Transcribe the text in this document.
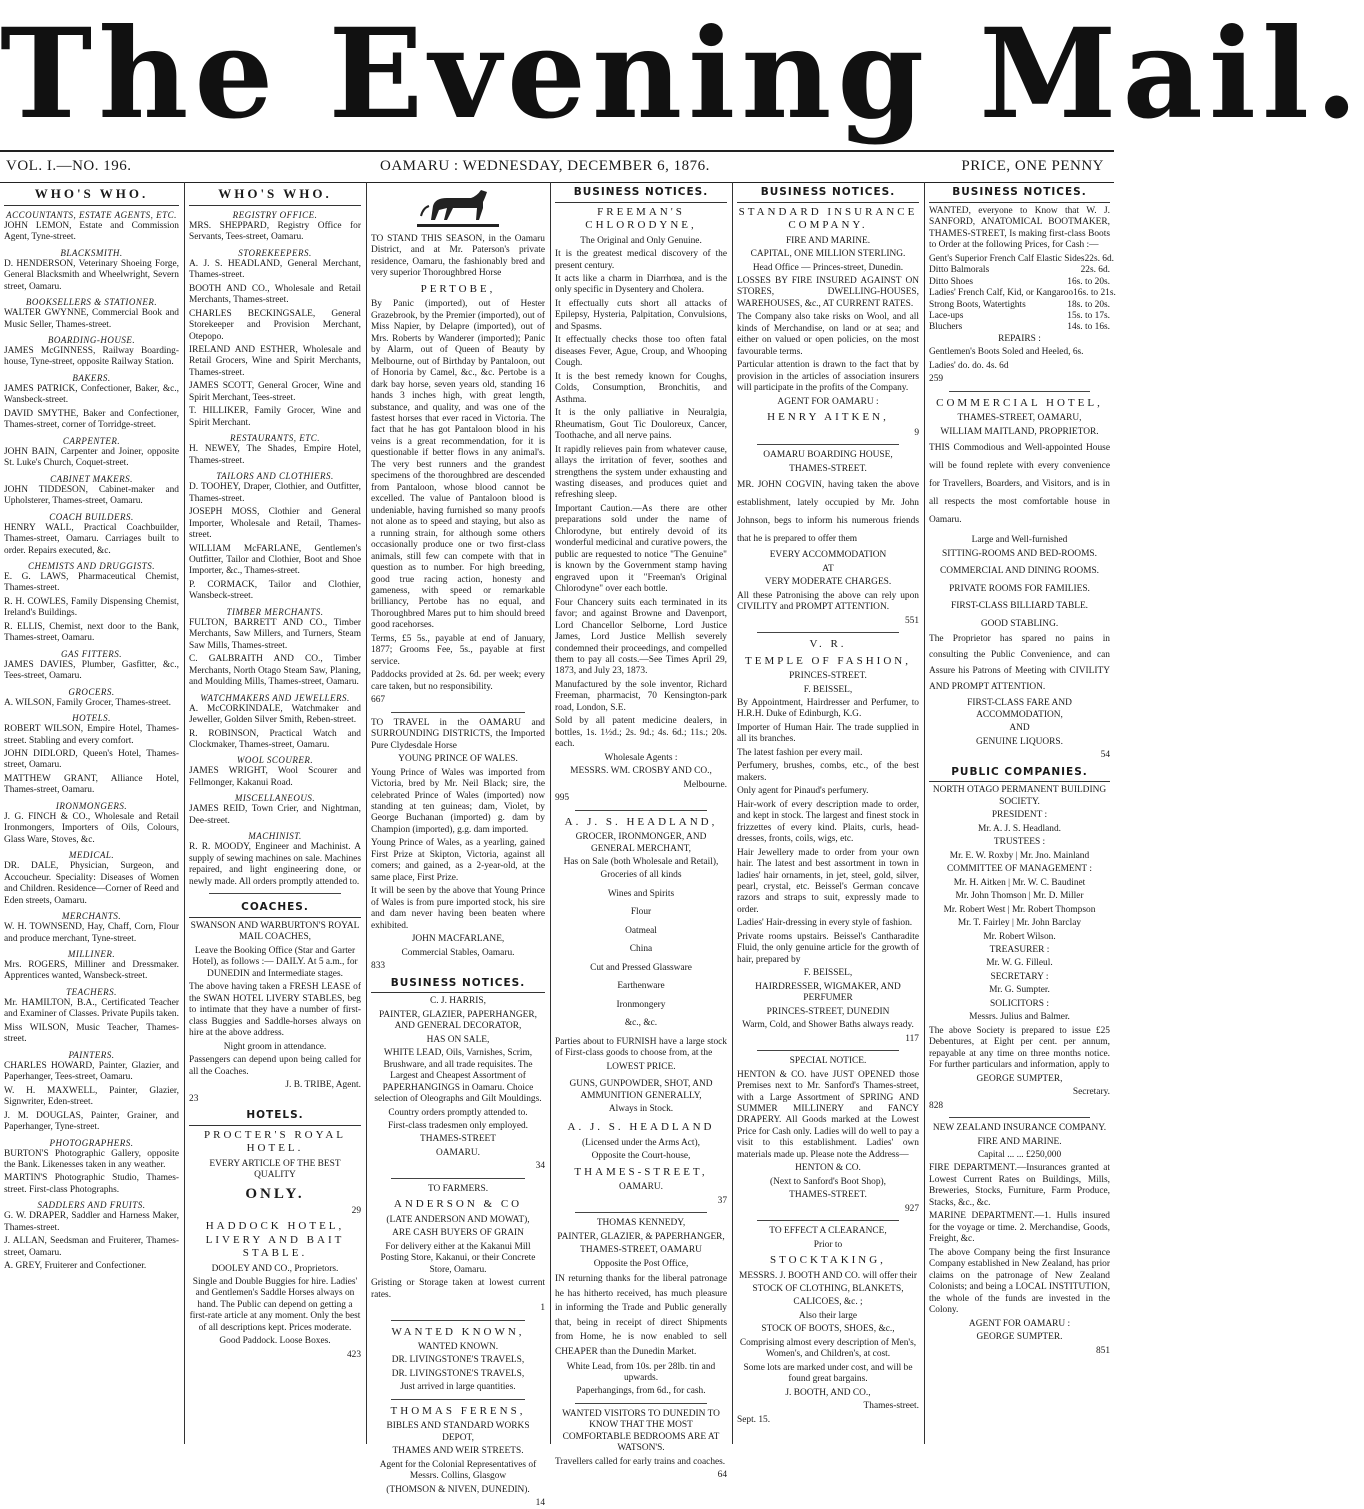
The Evening Mail.
VOL. I.—NO. 196.	OAMARU : WEDNESDAY, DECEMBER 6, 1876.	PRICE, ONE PENNY
WHO'S WHO.
ACCOUNTANTS, ESTATE AGENTS, ETC.
JOHN LEMON, Estate and Commission Agent, Tyne-street.
BLACKSMITH.
D. HENDERSON, Veterinary Shoeing Forge, General Blacksmith and Wheelwright, Severn street, Oamaru.
BOOKSELLERS & STATIONER.
WALTER GWYNNE, Commercial Book and Music Seller, Thames-street.
BOARDING-HOUSE.
JAMES McGINNESS, Railway Boarding-house, Tyne-street, opposite Railway Station.
BAKERS.
JAMES PATRICK, Confectioner, Baker, &c., Wansbeck-street.
DAVID SMYTHE, Baker and Confectioner, Thames-street, corner of Torridge-street.
CARPENTER.
JOHN BAIN, Carpenter and Joiner, opposite St. Luke's Church, Coquet-street.
CABINET MAKERS.
JOHN TIDDESON, Cabinet-maker and Upholsterer, Thames-street, Oamaru.
COACH BUILDERS.
HENRY WALL, Practical Coachbuilder, Thames-street, Oamaru. Carriages built to order. Repairs executed, &c.
CHEMISTS AND DRUGGISTS.
E. G. LAWS, Pharmaceutical Chemist, Thames-street.
R. H. COWLES, Family Dispensing Chemist, Ireland's Buildings.
R. ELLIS, Chemist, next door to the Bank, Thames-street, Oamaru.
GAS FITTERS.
JAMES DAVIES, Plumber, Gasfitter, &c., Tees-street, Oamaru.
GROCERS.
A. WILSON, Family Grocer, Thames-street.
HOTELS.
ROBERT WILSON, Empire Hotel, Thames-street. Stabling and every comfort.
JOHN DIDLORD, Queen's Hotel, Thames-street, Oamaru.
MATTHEW GRANT, Alliance Hotel, Thames-street, Oamaru.
IRONMONGERS.
J. G. FINCH & CO., Wholesale and Retail Ironmongers, Importers of Oils, Colours, Glass Ware, Stoves, &c.
MEDICAL.
DR. DALE, Physician, Surgeon, and Accoucheur. Speciality: Diseases of Women and Children. Residence—Corner of Reed and Eden streets, Oamaru.
MERCHANTS.
W. H. TOWNSEND, Hay, Chaff, Corn, Flour and produce merchant, Tyne-street.
MILLINER.
Mrs. ROGERS, Milliner and Dressmaker. Apprentices wanted, Wansbeck-street.
TEACHERS.
Mr. HAMILTON, B.A., Certificated Teacher and Examiner of Classes. Private Pupils taken.
Miss WILSON, Music Teacher, Thames-street.
PAINTERS.
CHARLES HOWARD, Painter, Glazier, and Paperhanger, Tees-street, Oamaru.
W. H. MAXWELL, Painter, Glazier, Signwriter, Eden-street.
J. M. DOUGLAS, Painter, Grainer, and Paperhanger, Tyne-street.
PHOTOGRAPHERS.
BURTON'S Photographic Gallery, opposite the Bank. Likenesses taken in any weather.
MARTIN'S Photographic Studio, Thames-street. First-class Photographs.
SADDLERS AND FRUITS.
G. W. DRAPER, Saddler and Harness Maker, Thames-street.
J. ALLAN, Seedsman and Fruiterer, Thames-street, Oamaru.
A. GREY, Fruiterer and Confectioner.
WHO'S WHO.
REGISTRY OFFICE.
MRS. SHEPPARD, Registry Office for Servants, Tees-street, Oamaru.
STOREKEEPERS.
A. J. S. HEADLAND, General Merchant, Thames-street.
BOOTH AND CO., Wholesale and Retail Merchants, Thames-street.
CHARLES BECKINGSALE, General Storekeeper and Provision Merchant, Otepopo.
IRELAND AND ESTHER, Wholesale and Retail Grocers, Wine and Spirit Merchants, Thames-street.
JAMES SCOTT, General Grocer, Wine and Spirit Merchant, Tees-street.
T. HILLIKER, Family Grocer, Wine and Spirit Merchant.
RESTAURANTS, ETC.
H. NEWEY, The Shades, Empire Hotel, Thames-street.
TAILORS AND CLOTHIERS.
D. TOOHEY, Draper, Clothier, and Outfitter, Thames-street.
JOSEPH MOSS, Clothier and General Importer, Wholesale and Retail, Thames-street.
WILLIAM McFARLANE, Gentlemen's Outfitter, Tailor and Clothier, Boot and Shoe Importer, &c., Thames-street.
P. CORMACK, Tailor and Clothier, Wansbeck-street.
TIMBER MERCHANTS.
FULTON, BARRETT AND CO., Timber Merchants, Saw Millers, and Turners, Steam Saw Mills, Thames-street.
C. GALBRAITH AND CO., Timber Merchants, North Otago Steam Saw, Planing, and Moulding Mills, Thames-street, Oamaru.
WATCHMAKERS AND JEWELLERS.
A. McCORKINDALE, Watchmaker and Jeweller, Golden Silver Smith, Reben-street.
R. ROBINSON, Practical Watch and Clockmaker, Thames-street, Oamaru.
WOOL SCOURER.
JAMES WRIGHT, Wool Scourer and Fellmonger, Kakanui Road.
MISCELLANEOUS.
JAMES REID, Town Crier, and Nightman, Dee-street.
MACHINIST.
R. R. MOODY, Engineer and Machinist. A supply of sewing machines on sale. Machines repaired, and light engineering done, or newly made. All orders promptly attended to.
COACHES.
SWANSON AND WARBURTON'S ROYAL MAIL COACHES,
Leave the Booking Office (Star and Garter Hotel), as follows :— DAILY. At 5 a.m., for DUNEDIN and Intermediate stages.
The above having taken a FRESH LEASE of the SWAN HOTEL LIVERY STABLES, beg to intimate that they have a number of first-class Buggies and Saddle-horses always on hire at the above address.
Night groom in attendance.
Passengers can depend upon being called for all the Coaches.
J. B. TRIBE, Agent.
23
HOTELS.
PROCTER'S ROYAL HOTEL.
EVERY ARTICLE OF THE BEST QUALITY
ONLY.
29
HADDOCK HOTEL, LIVERY AND BAIT STABLE.
DOOLEY AND CO., Proprietors.
Single and Double Buggies for hire. Ladies' and Gentlemen's Saddle Horses always on hand. The Public can depend on getting a first-rate article at any moment. Only the best of all descriptions kept. Prices moderate.
Good Paddock. Loose Boxes.
423
TO STAND THIS SEASON, in the Oamaru District, and at Mr. Paterson's private residence, Oamaru, the fashionably bred and very superior Thoroughbred Horse
PERTOBE,
By Panic (imported), out of Hester Grazebrook, by the Premier (imported), out of Miss Napier, by Delapre (imported), out of Mrs. Roberts by Wanderer (imported); Panic by Alarm, out of Queen of Beauty by Melbourne, out of Birthday by Pantaloon, out of Honoria by Camel, &c., &c. Pertobe is a dark bay horse, seven years old, standing 16 hands 3 inches high, with great length, substance, and quality, and was one of the fastest horses that ever raced in Victoria. The fact that he has got Pantaloon blood in his veins is a great recommendation, for it is questionable if better flows in any animal's. The very best runners and the grandest specimens of the thoroughbred are descended from Pantaloon, whose blood cannot be excelled. The value of Pantaloon blood is undeniable, having furnished so many proofs not alone as to speed and staying, but also as a running strain, for although some others occasionally produce one or two first-class animals, still few can compete with that in question as to number. For high breeding, good true racing action, honesty and gameness, with speed or remarkable brilliancy, Pertobe has no equal, and Thoroughbred Mares put to him should breed good racehorses.
Terms, £5 5s., payable at end of January, 1877; Grooms Fee, 5s., payable at first service.
Paddocks provided at 2s. 6d. per week; every care taken, but no responsibility.
667
TO TRAVEL in the OAMARU and SURROUNDING DISTRICTS, the Imported Pure Clydesdale Horse
YOUNG PRINCE OF WALES.
Young Prince of Wales was imported from Victoria, bred by Mr. Neil Black; sire, the celebrated Prince of Wales (imported) now standing at ten guineas; dam, Violet, by George Buchanan (imported) g. dam by Champion (imported), g.g. dam imported.
Young Prince of Wales, as a yearling, gained First Prize at Skipton, Victoria, against all comers; and gained, as a 2-year-old, at the same place, First Prize.
It will be seen by the above that Young Prince of Wales is from pure imported stock, his sire and dam never having been beaten where exhibited.
JOHN MACFARLANE,
Commercial Stables, Oamaru.
833
BUSINESS NOTICES.
C. J. HARRIS,
PAINTER, GLAZIER, PAPERHANGER, AND GENERAL DECORATOR,
HAS ON SALE,
WHITE LEAD, Oils, Varnishes, Scrim, Brushware, and all trade requisites. The Largest and Cheapest Assortment of PAPERHANGINGS in Oamaru. Choice selection of Oleographs and Gilt Mouldings.
Country orders promptly attended to.
First-class tradesmen only employed.
THAMES-STREET
OAMARU.
34
TO FARMERS.
ANDERSON & CO
(LATE ANDERSON AND MOWAT),
ARE CASH BUYERS OF GRAIN
For delivery either at the Kakanui Mill Posting Store, Kakanui, or their Concrete Store, Oamaru.
Gristing or Storage taken at lowest current rates.
1
WANTED KNOWN,
WANTED KNOWN.
DR. LIVINGSTONE'S TRAVELS,
DR. LIVINGSTONE'S TRAVELS,
Just arrived in large quantities.
THOMAS FERENS,
BIBLES AND STANDARD WORKS DEPOT,
THAMES AND WEIR STREETS.
Agent for the Colonial Representatives of Messrs. Collins, Glasgow
(THOMSON & NIVEN, DUNEDIN).
14
BUSINESS NOTICES.
FREEMAN'S CHLORODYNE,
The Original and Only Genuine.
It is the greatest medical discovery of the present century.
It acts like a charm in Diarrhœa, and is the only specific in Dysentery and Cholera.
It effectually cuts short all attacks of Epilepsy, Hysteria, Palpitation, Convulsions, and Spasms.
It effectually checks those too often fatal diseases Fever, Ague, Croup, and Whooping Cough.
It is the best remedy known for Coughs, Colds, Consumption, Bronchitis, and Asthma.
It is the only palliative in Neuralgia, Rheumatism, Gout Tic Douloreux, Cancer, Toothache, and all nerve pains.
It rapidly relieves pain from whatever cause, allays the irritation of fever, soothes and strengthens the system under exhausting and wasting diseases, and produces quiet and refreshing sleep.
Important Caution.—As there are other preparations sold under the name of Chlorodyne, but entirely devoid of its wonderful medicinal and curative powers, the public are requested to notice "The Genuine" is known by the Government stamp having engraved upon it "Freeman's Original Chlorodyne" over each bottle.
Four Chancery suits each terminated in its favor; and against Browne and Davenport, Lord Chancellor Selborne, Lord Justice James, Lord Justice Mellish severely condemned their proceedings, and compelled them to pay all costs.—See Times April 29, 1873, and July 23, 1873.
Manufactured by the sole inventor, Richard Freeman, pharmacist, 70 Kensington-park road, London, S.E.
Sold by all patent medicine dealers, in bottles, 1s. 1½d.; 2s. 9d.; 4s. 6d.; 11s.; 20s. each.
Wholesale Agents :
MESSRS. WM. CROSBY AND CO.,
Melbourne.
995
A. J. S. HEADLAND,
GROCER, IRONMONGER, AND GENERAL MERCHANT,
Has on Sale (both Wholesale and Retail),
Groceries of all kinds
Wines and Spirits
Flour
Oatmeal
China
Cut and Pressed Glassware
Earthenware
Ironmongery
&c., &c.
Parties about to FURNISH have a large stock of First-class goods to choose from, at the
LOWEST PRICE.
GUNS, GUNPOWDER, SHOT, AND AMMUNITION GENERALLY,
Always in Stock.
A. J. S. HEADLAND
(Licensed under the Arms Act),
Opposite the Court-house,
THAMES-STREET,
OAMARU.
37
THOMAS KENNEDY,
PAINTER, GLAZIER, & PAPERHANGER,
THAMES-STREET, OAMARU
Opposite the Post Office,
IN returning thanks for the liberal patronage he has hitherto received, has much pleasure in informing the Trade and Public generally that, being in receipt of direct Shipments from Home, he is now enabled to sell CHEAPER than the Dunedin Market.
White Lead, from 10s. per 28lb. tin and upwards.
Paperhangings, from 6d., for cash.
WANTED VISITORS TO DUNEDIN TO KNOW THAT THE MOST COMFORTABLE BEDROOMS ARE AT WATSON'S.
Travellers called for early trains and coaches.
64
BUSINESS NOTICES.
STANDARD INSURANCE COMPANY.
FIRE AND MARINE.
CAPITAL, ONE MILLION STERLING.
Head Office — Princes-street, Dunedin.
LOSSES BY FIRE INSURED AGAINST ON STORES, DWELLING-HOUSES, WAREHOUSES, &c., AT CURRENT RATES.
The Company also take risks on Wool, and all kinds of Merchandise, on land or at sea; and either on valued or open policies, on the most favourable terms.
Particular attention is drawn to the fact that by provision in the articles of association insurers will participate in the profits of the Company.
AGENT FOR OAMARU :
HENRY AITKEN,
9
OAMARU BOARDING HOUSE,
THAMES-STREET.
MR. JOHN COGVIN, having taken the above establishment, lately occupied by Mr. John Johnson, begs to inform his numerous friends that he is prepared to offer them
EVERY ACCOMMODATION
AT
VERY MODERATE CHARGES.
All these Patronising the above can rely upon CIVILITY and PROMPT ATTENTION.
551
V. R.
TEMPLE OF FASHION,
PRINCES-STREET.
F. BEISSEL,
By Appointment, Hairdresser and Perfumer, to H.R.H. Duke of Edinburgh, K.G.
Importer of Human Hair. The trade supplied in all its branches.
The latest fashion per every mail.
Perfumery, brushes, combs, etc., of the best makers.
Only agent for Pinaud's perfumery.
Hair-work of every description made to order, and kept in stock. The largest and finest stock in frizzettes of every kind. Plaits, curls, head-dresses, fronts, coils, wigs, etc.
Hair Jewellery made to order from your own hair. The latest and best assortment in town in ladies' hair ornaments, in jet, steel, gold, silver, pearl, crystal, etc. Beissel's German concave razors and straps to suit, expressly made to order.
Ladies' Hair-dressing in every style of fashion.
Private rooms upstairs. Beissel's Cantharadite Fluid, the only genuine article for the growth of hair, prepared by
F. BEISSEL,
HAIRDRESSER, WIGMAKER, AND PERFUMER
PRINCES-STREET, DUNEDIN
Warm, Cold, and Shower Baths always ready.
117
SPECIAL NOTICE.
HENTON & CO. have JUST OPENED those Premises next to Mr. Sanford's Thames-street, with a Large Assortment of SPRING AND SUMMER MILLINERY and FANCY DRAPERY. All Goods marked at the Lowest Price for Cash only. Ladies will do well to pay a visit to this establishment. Ladies' own materials made up. Please note the Address—
HENTON & CO.
(Next to Sanford's Boot Shop),
THAMES-STREET.
927
TO EFFECT A CLEARANCE,
Prior to
STOCKTAKING,
MESSRS. J. BOOTH AND CO. will offer their
STOCK OF CLOTHING, BLANKETS,
CALICOES, &c. ;
Also their large
STOCK OF BOOTS, SHOES, &c.,
Comprising almost every description of Men's, Women's, and Children's, at cost.
Some lots are marked under cost, and will be found great bargains.
J. BOOTH, AND CO.,
Thames-street.
Sept. 15.
BUSINESS NOTICES.
WANTED, everyone to Know that W. J. SANFORD, ANATOMICAL BOOTMAKER, THAMES-STREET, Is making first-class Boots to Order at the following Prices, for Cash :—
Gent's Superior French Calf Elastic Sides 22s. 6d.
Ditto Balmorals	22s. 6d.
Ditto Shoes	16s. to 20s.
Ladies' French Calf, Kid, or Kangaroo 16s. to 21s.
Strong Boots, Watertights	18s. to 20s.
Lace-ups	15s. to 17s.
Bluchers	14s. to 16s.
REPAIRS :
Gentlemen's Boots Soled and Heeled, 6s.
Ladies' do. do. 4s. 6d
259
COMMERCIAL HOTEL,
THAMES-STREET, OAMARU,
WILLIAM MAITLAND, PROPRIETOR.
THIS Commodious and Well-appointed House will be found replete with every convenience for Travellers, Boarders, and Visitors, and is in all respects the most comfortable house in Oamaru.
Large and Well-furnished
SITTING-ROOMS AND BED-ROOMS.
COMMERCIAL AND DINING ROOMS.
PRIVATE ROOMS FOR FAMILIES.
FIRST-CLASS BILLIARD TABLE.
GOOD STABLING.
The Proprietor has spared no pains in consulting the Public Convenience, and can Assure his Patrons of Meeting with CIVILITY AND PROMPT ATTENTION.
FIRST-CLASS FARE AND ACCOMMODATION,
AND
GENUINE LIQUORS.
54
PUBLIC COMPANIES.
NORTH OTAGO PERMANENT BUILDING SOCIETY.
PRESIDENT :
Mr. A. J. S. Headland.
TRUSTEES :
Mr. E. W. Roxby | Mr. Jno. Mainland
COMMITTEE OF MANAGEMENT :
Mr. H. Aitken | Mr. W. C. Baudinet
Mr. John Thomson | Mr. D. Miller
Mr. Robert West | Mr. Robert Thompson
Mr. T. Fairley | Mr. John Barclay
Mr. Robert Wilson.
TREASURER :
Mr. W. G. Filleul.
SECRETARY :
Mr. G. Sumpter.
SOLICITORS :
Messrs. Julius and Balmer.
The above Society is prepared to issue £25 Debentures, at Eight per cent. per annum, repayable at any time on three months notice. For further particulars and information, apply to
GEORGE SUMPTER,
Secretary.
828
NEW ZEALAND INSURANCE COMPANY.
FIRE AND MARINE.
Capital ... ... £250,000
FIRE DEPARTMENT.—Insurances granted at Lowest Current Rates on Buildings, Mills, Breweries, Stocks, Furniture, Farm Produce, Stacks, &c., &c.
MARINE DEPARTMENT.—1. Hulls insured for the voyage or time. 2. Merchandise, Goods, Freight, &c.
The above Company being the first Insurance Company established in New Zealand, has prior claims on the patronage of New Zealand Colonists; and being a LOCAL INSTITUTION, the whole of the funds are invested in the Colony.
AGENT FOR OAMARU :
GEORGE SUMPTER.
851
